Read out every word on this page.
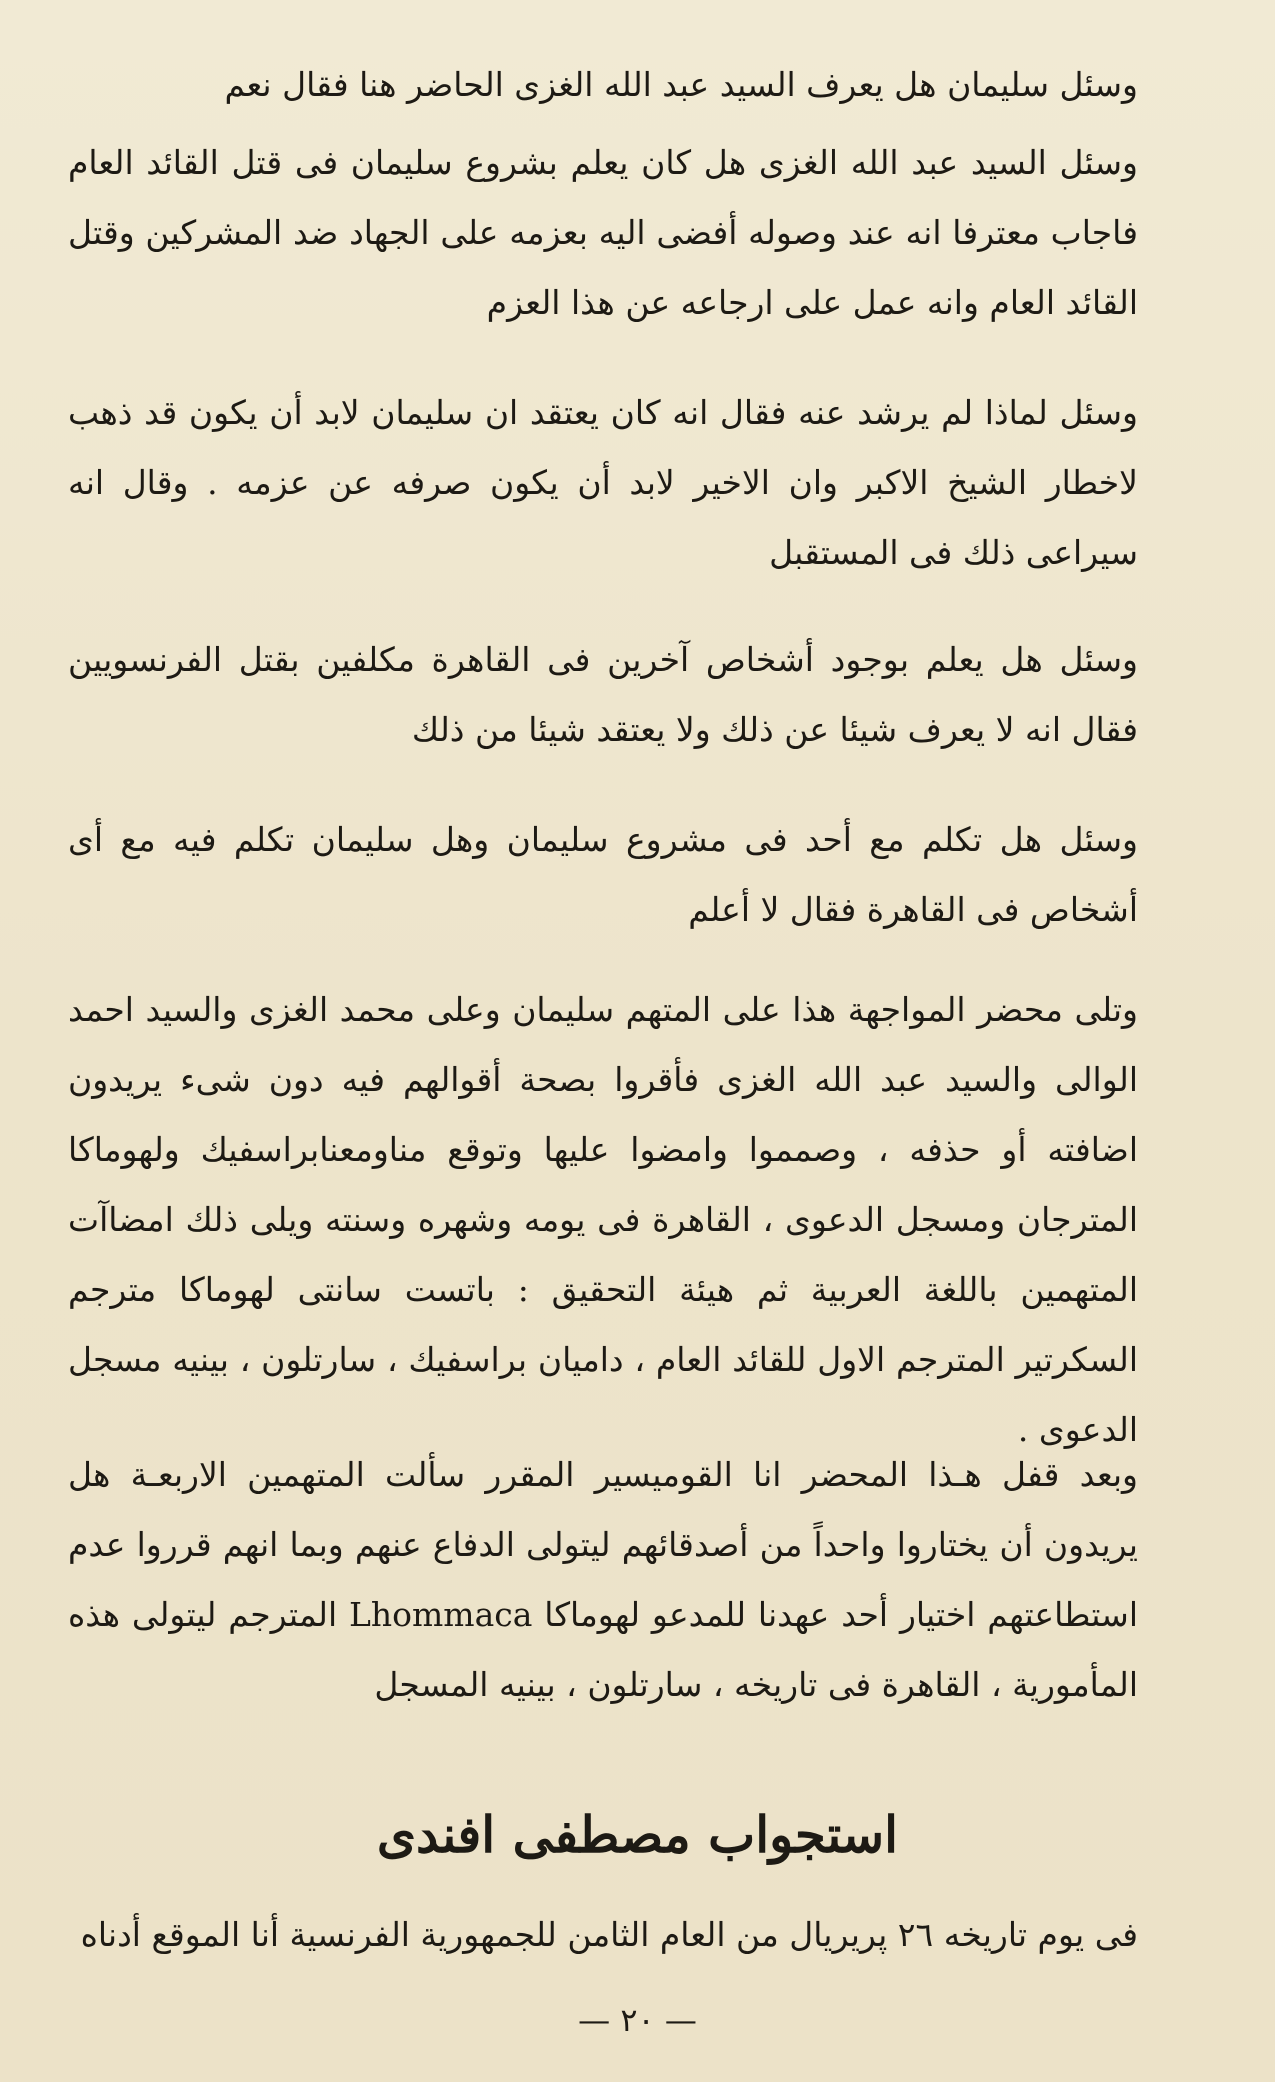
وسئل سليمان هل يعرف السيد عبد الله الغزى الحاضر هنا فقال نعم

وسئل السيد عبد الله الغزى هل كان يعلم بشروع سليمان فى قتل القائد العام فاجاب معترفا انه عند وصوله أفضى اليه بعزمه على الجهاد ضد المشركين وقتل القائد العام وانه عمل على ارجاعه عن هذا العزم

وسئل لماذا لم يرشد عنه فقال انه كان يعتقد ان سليمان لابد أن يكون قد ذهب لاخطار الشيخ الاكبر وان الاخير لابد أن يكون صرفه عن عزمه . وقال انه سيراعى ذلك فى المستقبل

وسئل هل يعلم بوجود أشخاص آخرين فى القاهرة مكلفين بقتل الفرنسويين فقال انه لا يعرف شيئا عن ذلك ولا يعتقد شيئا من ذلك

وسئل هل تكلم مع أحد فى مشروع سليمان وهل سليمان تكلم فيه مع أى أشخاص فى القاهرة فقال لا أعلم

وتلى محضر المواجهة هذا على المتهم سليمان وعلى محمد الغزى والسيد احمد الوالى والسيد عبد الله الغزى فأقروا بصحة أقوالهم فيه دون شىء يريدون اضافته أو حذفه ، وصمموا وامضوا عليها وتوقع مناومعنابراسفيك ولهوماكا المترجان ومسجل الدعوى ، القاهرة فى يومه وشهره وسنته ويلى ذلك امضاآت المتهمين باللغة العربية ثم هيئة التحقيق : باتست سانتى لهوماكا مترجم السكرتير المترجم الاول للقائد العام ، داميان براسفيك ، سارتلون ، بينيه مسجل الدعوى .

وبعد قفل هـذا المحضر انا القوميسير المقرر سألت المتهمين الاربعـة هل يريدون أن يختاروا واحداً من أصدقائهم ليتولى الدفاع عنهم وبما انهم قرروا عدم استطاعتهم اختيار أحد عهدنا للمدعو لهوماكا Lhommaca المترجم ليتولى هذه المأمورية ، القاهرة فى تاريخه ، سارتلون ، بينيه المسجل

استجواب مصطفى افندى

فى يوم تاريخه ٢٦ پريريال من العام الثامن للجمهورية الفرنسية أنا الموقع أدناه

— ٢٠ —
